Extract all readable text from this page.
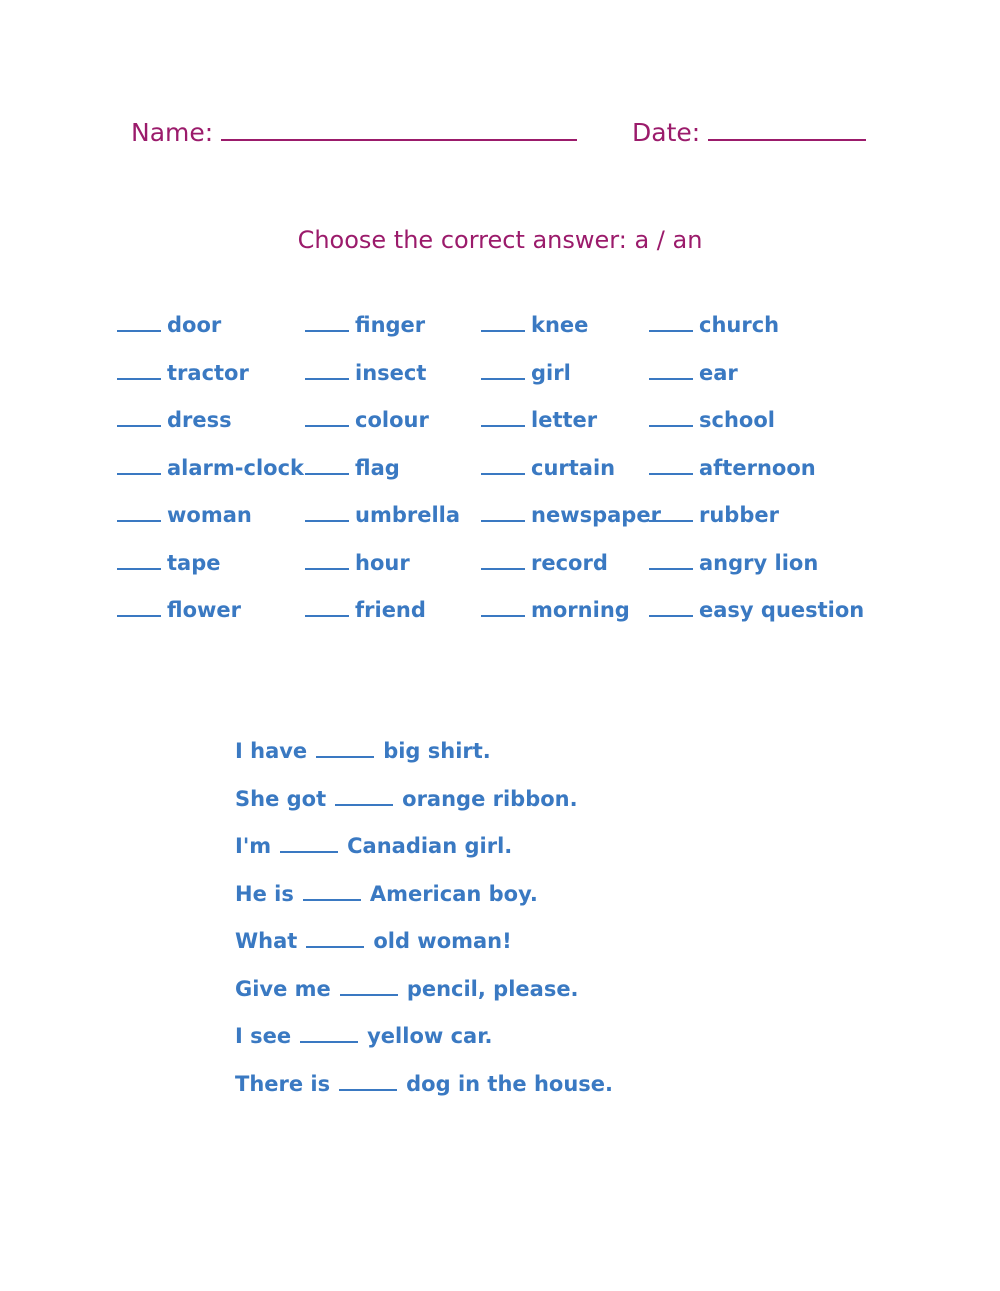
Name:	Date:
Choose the correct answer: a / an
door	finger	knee	church
tractor	insect	girl	ear
dress	colour	letter	school
alarm-clock	flag	curtain	afternoon
woman	umbrella	newspaper	rubber
tape	hour	record	angry lion
flower	friend	morning	easy question
I have	big shirt.
She got	orange ribbon.
I'm	Canadian girl.
He is	American boy.
What	old woman!
Give me	pencil, please.
I see	yellow car.
There is	dog in the house.
